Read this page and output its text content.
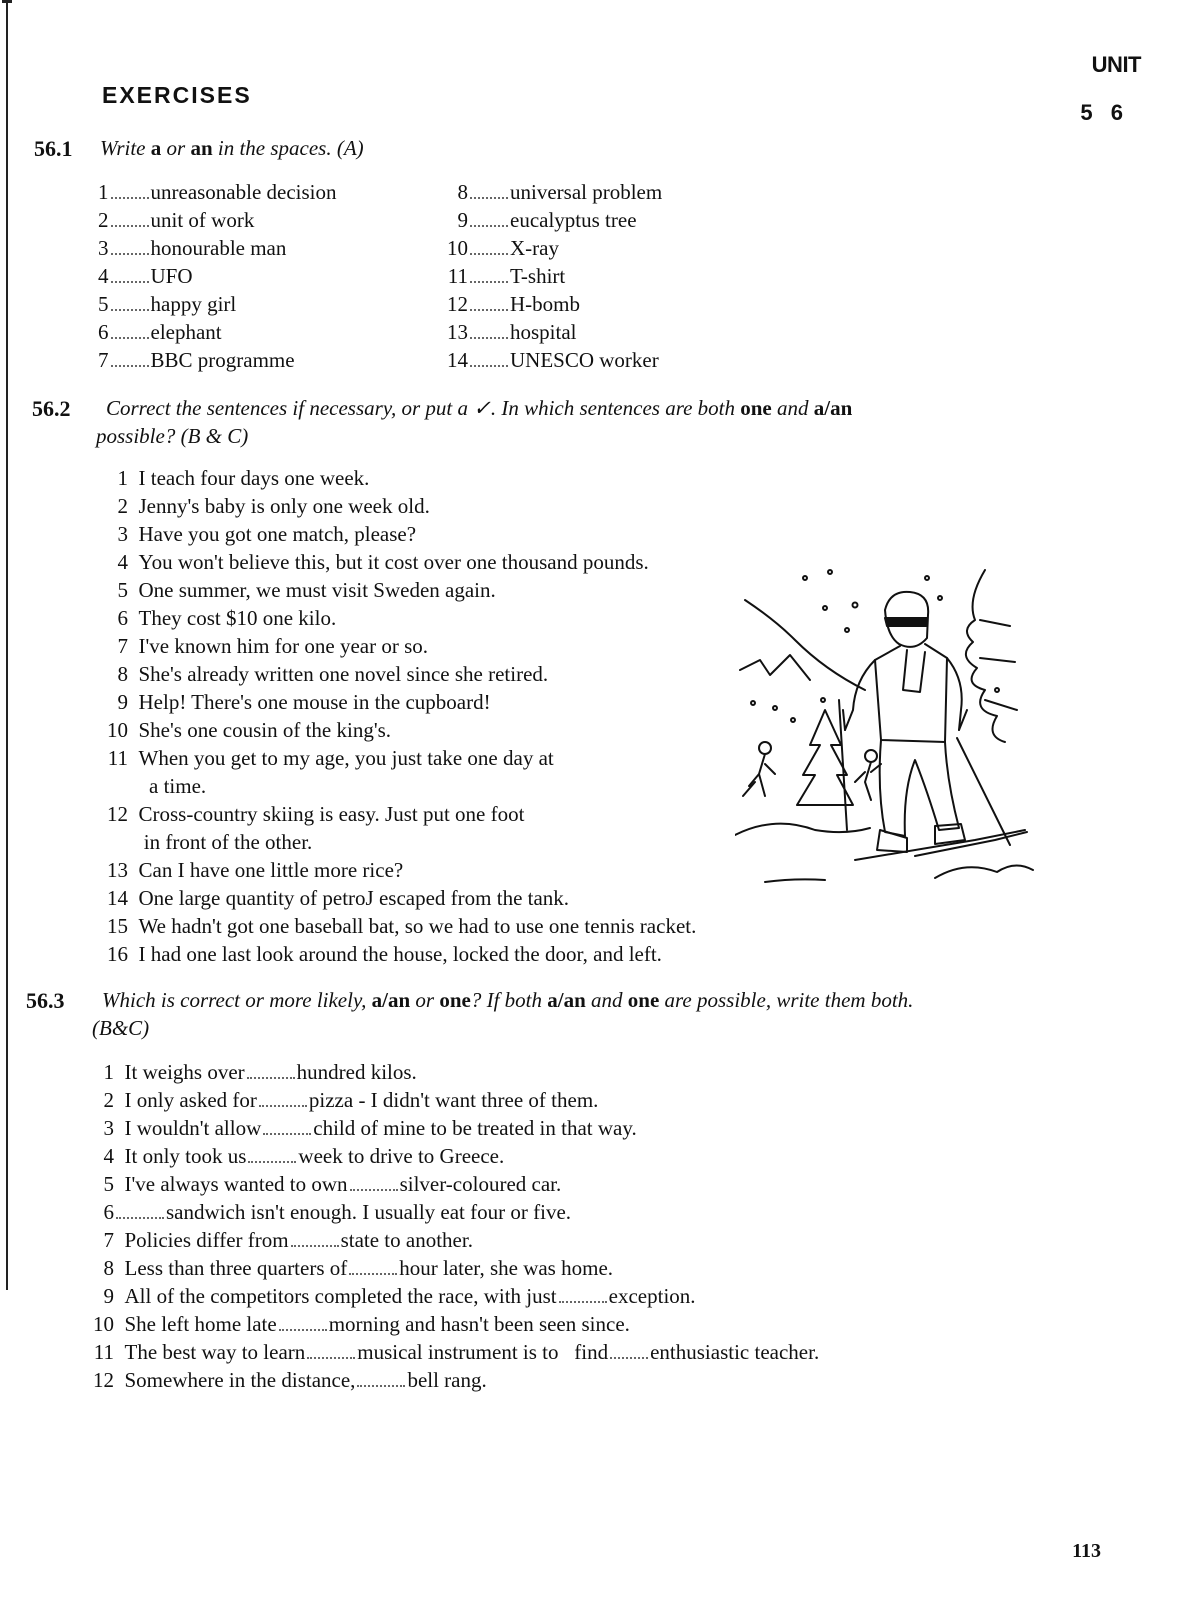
UNIT
5 6
EXERCISES
56.1 Write a or an in the spaces. (A)
1 unreasonable decision
2 unit of work
3 honourable man
4 UFO
5 happy girl
6 elephant
7 BBC programme
8 universal problem
9 eucalyptus tree
10 X-ray
11 T-shirt
12 H-bomb
13 hospital
14 UNESCO worker
56.2 Correct the sentences if necessary, or put a ✓. In which sentences are both one and a/an
possible? (B & C)
1 I teach four days one week.
2 Jenny's baby is only one week old.
3 Have you got one match, please?
4 You won't believe this, but it cost over one thousand pounds.
5 One summer, we must visit Sweden again.
6 They cost $10 one kilo.
7 I've known him for one year or so.
8 She's already written one novel since she retired.
9 Help! There's one mouse in the cupboard!
10 She's one cousin of the king's.
11 When you get to my age, you just take one day at
a time.
12 Cross-country skiing is easy. Just put one foot
in front of the other.
13 Can I have one little more rice?
14 One large quantity of petroJ escaped from the tank.
15 We hadn't got one baseball bat, so we had to use one tennis racket.
16 I had one last look around the house, locked the door, and left.
56.3 Which is correct or more likely, a/an or one? If both a/an and one are possible, write them both.
(B&C)
1 It weighs over hundred kilos.
2 I only asked for pizza - I didn't want three of them.
3 I wouldn't allow child of mine to be treated in that way.
4 It only took us week to drive to Greece.
5 I've always wanted to own silver-coloured car.
6 sandwich isn't enough. I usually eat four or five.
7 Policies differ from state to another.
8 Less than three quarters of hour later, she was home.
9 All of the competitors completed the race, with just exception.
10 She left home late morning and hasn't been seen since.
11 The best way to learn musical instrument is to   find enthusiastic teacher.
12 Somewhere in the distance, bell rang.
113
